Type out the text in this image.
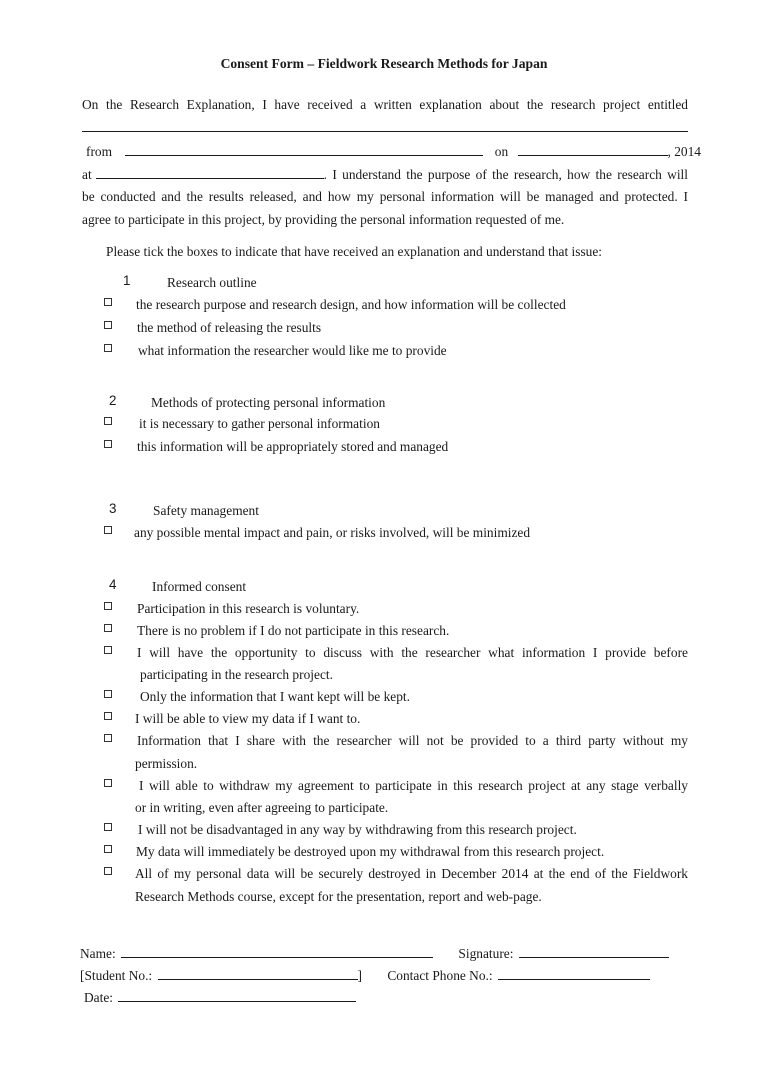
Consent Form – Fieldwork Research Methods for Japan
On the Research Explanation, I have received a written explanation about the research project entitled
from	on	, 2014
at	. I understand the purpose of the research, how the research will
be conducted and the results released, and how my personal information will be managed and protected. I
agree to participate in this project, by providing the personal information requested of me.
Please tick the boxes to indicate that have received an explanation and understand that issue:
1	Research outline
the research purpose and research design, and how information will be collected
the method of releasing the results
what information the researcher would like me to provide
2	Methods of protecting personal information
it is necessary to gather personal information
this information will be appropriately stored and managed
3	Safety management
any possible mental impact and pain, or risks involved, will be minimized
4	Informed consent
Participation in this research is voluntary.
There is no problem if I do not participate in this research.
I will have the opportunity to discuss with the researcher what information I provide before
participating in the research project.
Only the information that I want kept will be kept.
I will be able to view my data if I want to.
Information that I share with the researcher will not be provided to a third party without my
permission.
I will able to withdraw my agreement to participate in this research project at any stage verbally
or in writing, even after agreeing to participate.
I will not be disadvantaged in any way by withdrawing from this research project.
My data will immediately be destroyed upon my withdrawal from this research project.
All of my personal data will be securely destroyed in December 2014 at the end of the Fieldwork
Research Methods course, except for the presentation, report and web-page.
Name:	Signature:
[Student No.:	] Contact Phone No.:
Date:
